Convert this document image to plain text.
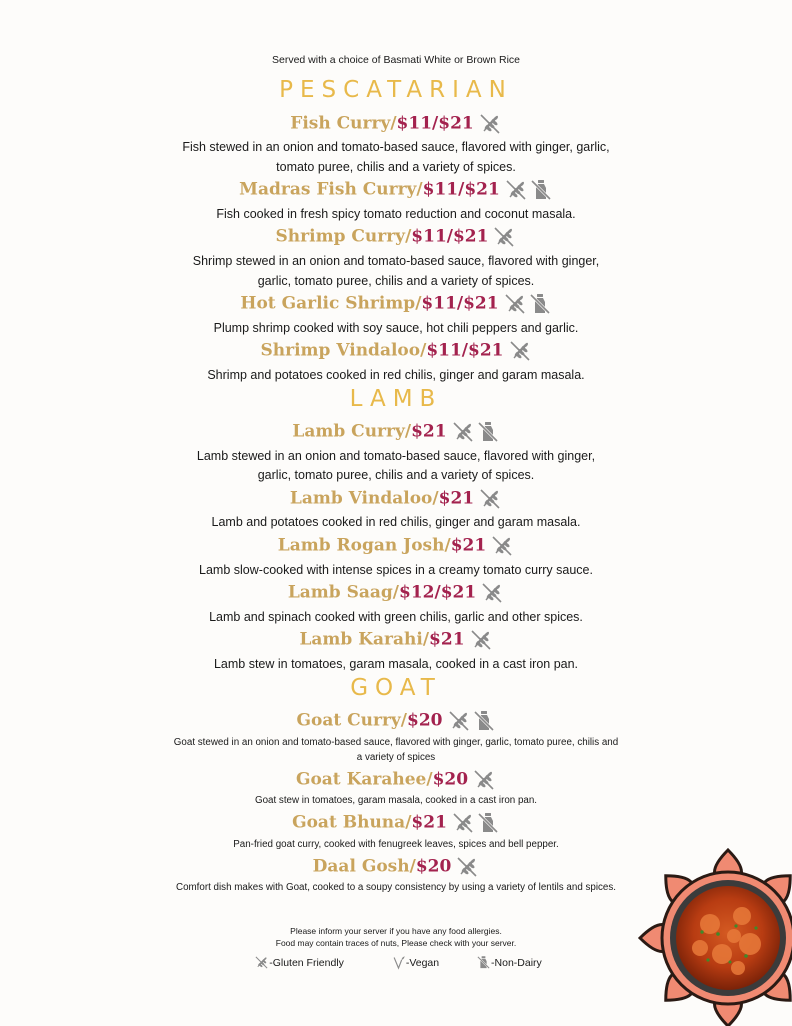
Served with a choice of Basmati White or Brown Rice
PESCATARIAN
Fish Curry/$11/$21
Fish stewed in an onion and tomato-based sauce, flavored with ginger, garlic,
tomato puree, chilis and a variety of spices.
Madras Fish Curry/$11/$21
Fish cooked in fresh spicy tomato reduction and coconut masala.
Shrimp Curry/$11/$21
Shrimp stewed in an onion and tomato-based sauce, flavored with ginger,
garlic, tomato puree, chilis and a variety of spices.
Hot Garlic Shrimp/$11/$21
Plump shrimp cooked with soy sauce, hot chili peppers and garlic.
Shrimp Vindaloo/$11/$21
Shrimp and potatoes cooked in red chilis, ginger and garam masala.
LAMB
Lamb Curry/$21
Lamb stewed in an onion and tomato-based sauce, flavored with ginger,
garlic, tomato puree, chilis and a variety of spices.
Lamb Vindaloo/$21
Lamb and potatoes cooked in red chilis, ginger and garam masala.
Lamb Rogan Josh/$21
Lamb slow-cooked with intense spices in a creamy tomato curry sauce.
Lamb Saag/$12/$21
Lamb and spinach cooked with green chilis, garlic and other spices.
Lamb Karahi/$21
Lamb stew in tomatoes, garam masala, cooked in a cast iron pan.
GOAT
Goat Curry/$20
Goat stewed in an onion and tomato-based sauce, flavored with ginger, garlic, tomato puree, chilis and
a variety of spices
Goat Karahee/$20
Goat stew in tomatoes, garam masala, cooked in a cast iron pan.
Goat Bhuna/$21
Pan-fried goat curry, cooked with fenugreek leaves, spices and bell pepper.
Daal Gosh/$20
Comfort dish makes with Goat, cooked to a soupy consistency by using a variety of lentils and spices.
Please inform your server if you have any food allergies.
Food may contain traces of nuts, Please check with your server.
-Gluten Friendly	-Vegan	-Non-Dairy
